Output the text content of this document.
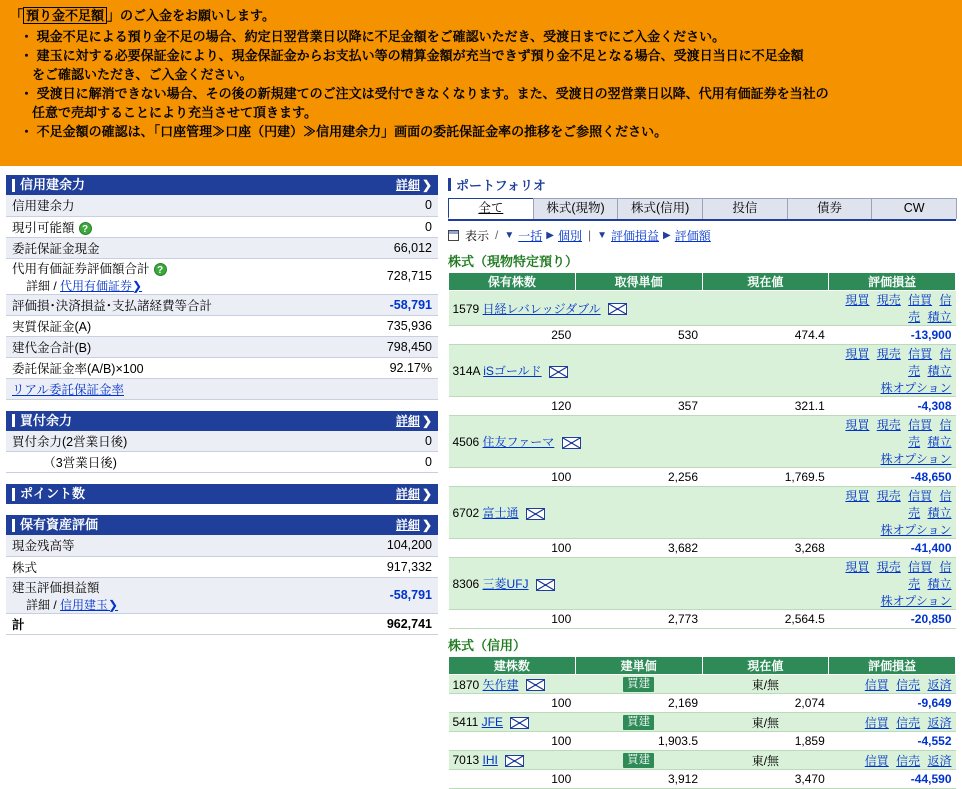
「 預り金不足額 」のご入金をお願いします。
・ 現金不足による預り金不足の場合、約定日翌営業日以降に不足金額をご確認いただき、受渡日までにご入金ください。
・ 建玉に対する必要保証金により、現金保証金からお支払い等の精算金額が充当できず預り金不足となる場合、受渡日当日に不足金額
をご確認いただき、ご入金ください。
・ 受渡日に解消できない場合、その後の新規建てのご注文は受付できなくなります。また、受渡日の翌営業日以降、代用有価証券を当社の
任意で売却することにより充当させて頂きます。
・ 不足金額の確認は、「口座管理≫口座（円建）≫信用建余力」画面の委託保証金率の推移をご参照ください。
信用建余力	詳細 ❯
信用建余力	0
現引可能額 ?	0
委託保証金現金	66,012

代用有価証券評価額合計 ?
詳細 / 代用有価証券❯	728,715
評価損･決済損益･支払諸経費等合計	-58,791
実質保証金(A)	735,936
建代金合計(B)	798,450
委託保証金率(A/B)×100	92.17%
リアル委託保証金率	
買付余力	詳細 ❯
買付余力(2営業日後)	0
　　　（3営業日後)	0
ポイント数	詳細 ❯
保有資産評価	詳細 ❯
現金残高等	104,200
株式	917,332

建玉評価損益額
詳細 / 信用建玉❯	-58,791
計	962,741
ポートフォリオ
全て	株式(現物)	株式(信用)	投信	債券	CW
表示 / ▼ 一括 ▶ 個別 | ▼ 評価損益 ▶ 評価額
株式（現物特定預り）
保有株数	取得単価	現在値	評価損益
1579 日経レバレッジダブル			現買 現売 信買 信売 積立
250	530	474.4	-13,900
314A iSゴールド			現買 現売 信買 信売 積立
株オプション

120	357	321.1	-4,308
4506 住友ファーマ			現買 現売 信買 信売 積立
株オプション

100	2,256	1,769.5	-48,650
6702 富士通			現買 現売 信買 信売 積立
株オプション

100	3,682	3,268	-41,400
8306 三菱UFJ			現買 現売 信買 信売 積立
株オプション

100	2,773	2,564.5	-20,850
株式（信用）
建株数	建単価	現在値	評価損益
1870 矢作建	買建	東/無	信買 信売 返済
100	2,169	2,074	-9,649
5411 JFE	買建	東/無	信買 信売 返済
100	1,903.5	1,859	-4,552
7013 IHI	買建	東/無	信買 信売 返済
100	3,912	3,470	-44,590
